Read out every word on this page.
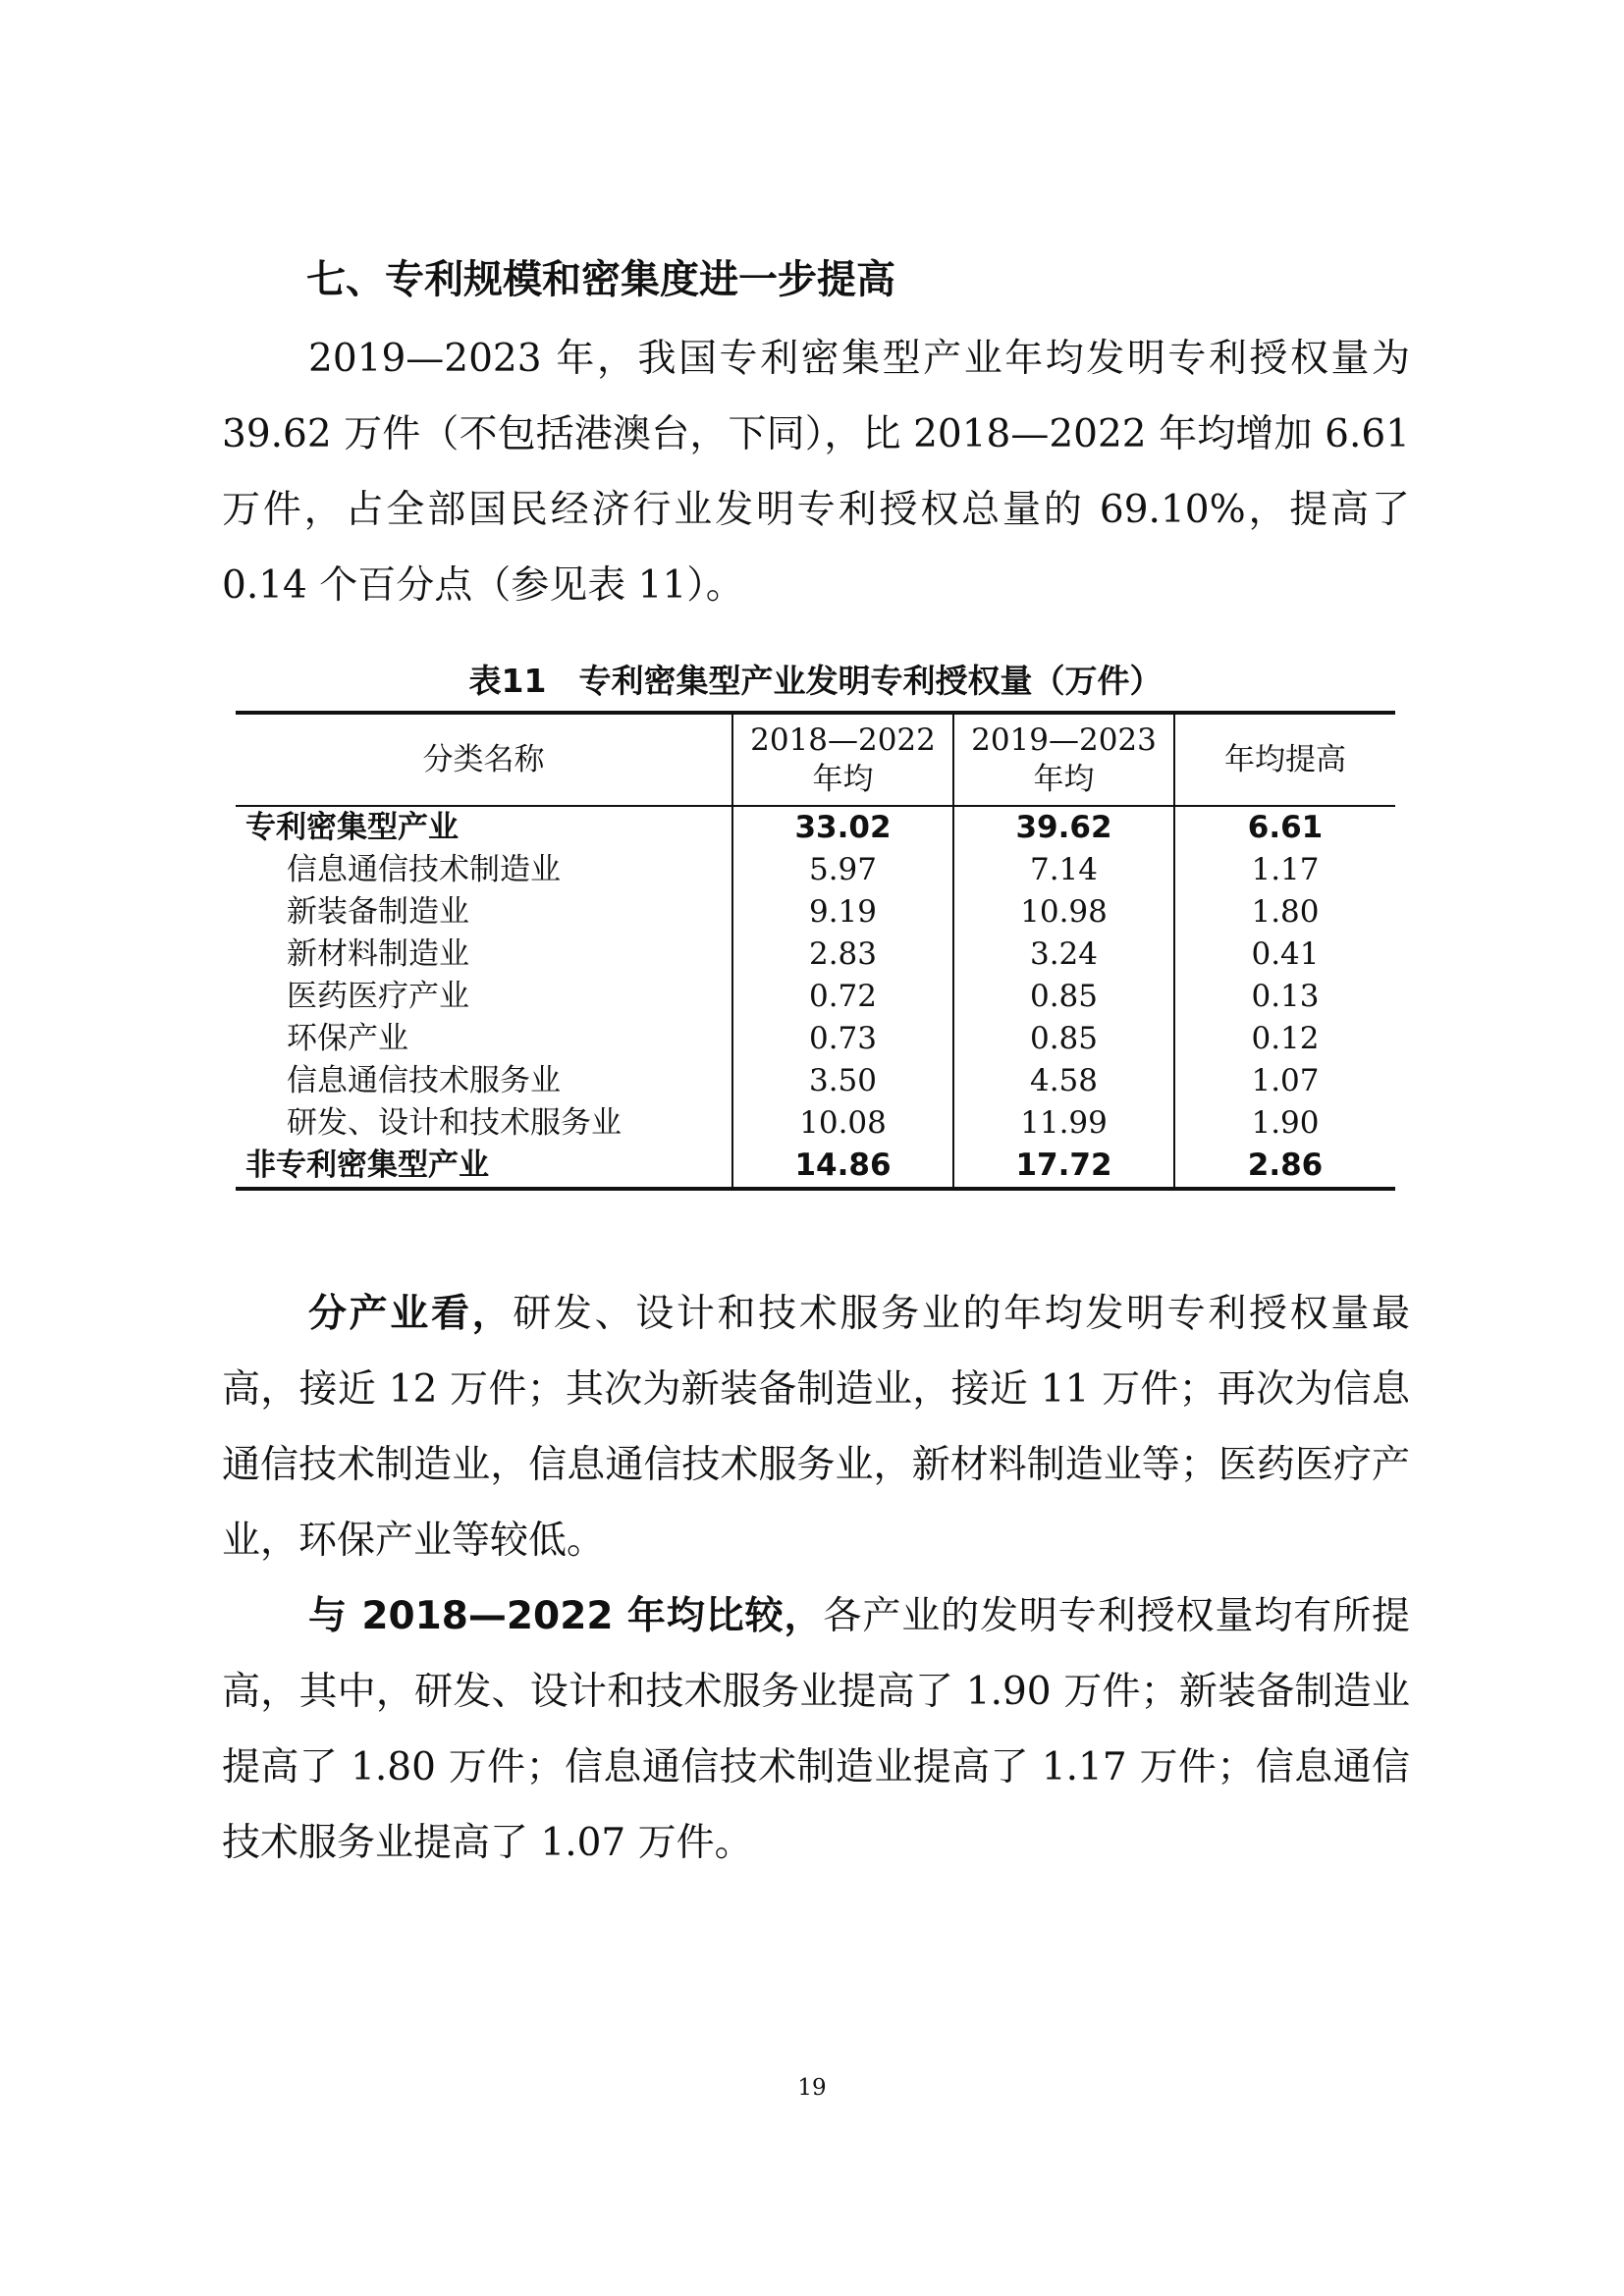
七、专利规模和密集度进一步提高

2019—2023 年，我国专利密集型产业年均发明专利授权量为 39.62 万件（不包括港澳台，下同），比 2018—2022 年均增加 6.61 万件，占全部国民经济行业发明专利授权总量的 69.10%，提高了 0.14 个百分点（参见表 11）。

表11　专利密集型产业发明专利授权量（万件）
分类名称	2018—2022 年均	2019—2023 年均	年均提高
专利密集型产业	33.02	39.62	6.61
信息通信技术制造业	5.97	7.14	1.17
新装备制造业	9.19	10.98	1.80
新材料制造业	2.83	3.24	0.41
医药医疗产业	0.72	0.85	0.13
环保产业	0.73	0.85	0.12
信息通信技术服务业	3.50	4.58	1.07
研发、设计和技术服务业	10.08	11.99	1.90
非专利密集型产业	14.86	17.72	2.86

分产业看，研发、设计和技术服务业的年均发明专利授权量最高，接近 12 万件；其次为新装备制造业，接近 11 万件；再次为信息通信技术制造业，信息通信技术服务业，新材料制造业等；医药医疗产业，环保产业等较低。

与 2018—2022 年均比较，各产业的发明专利授权量均有所提高，其中，研发、设计和技术服务业提高了 1.90 万件；新装备制造业提高了 1.80 万件；信息通信技术制造业提高了 1.17 万件；信息通信技术服务业提高了 1.07 万件。

19
